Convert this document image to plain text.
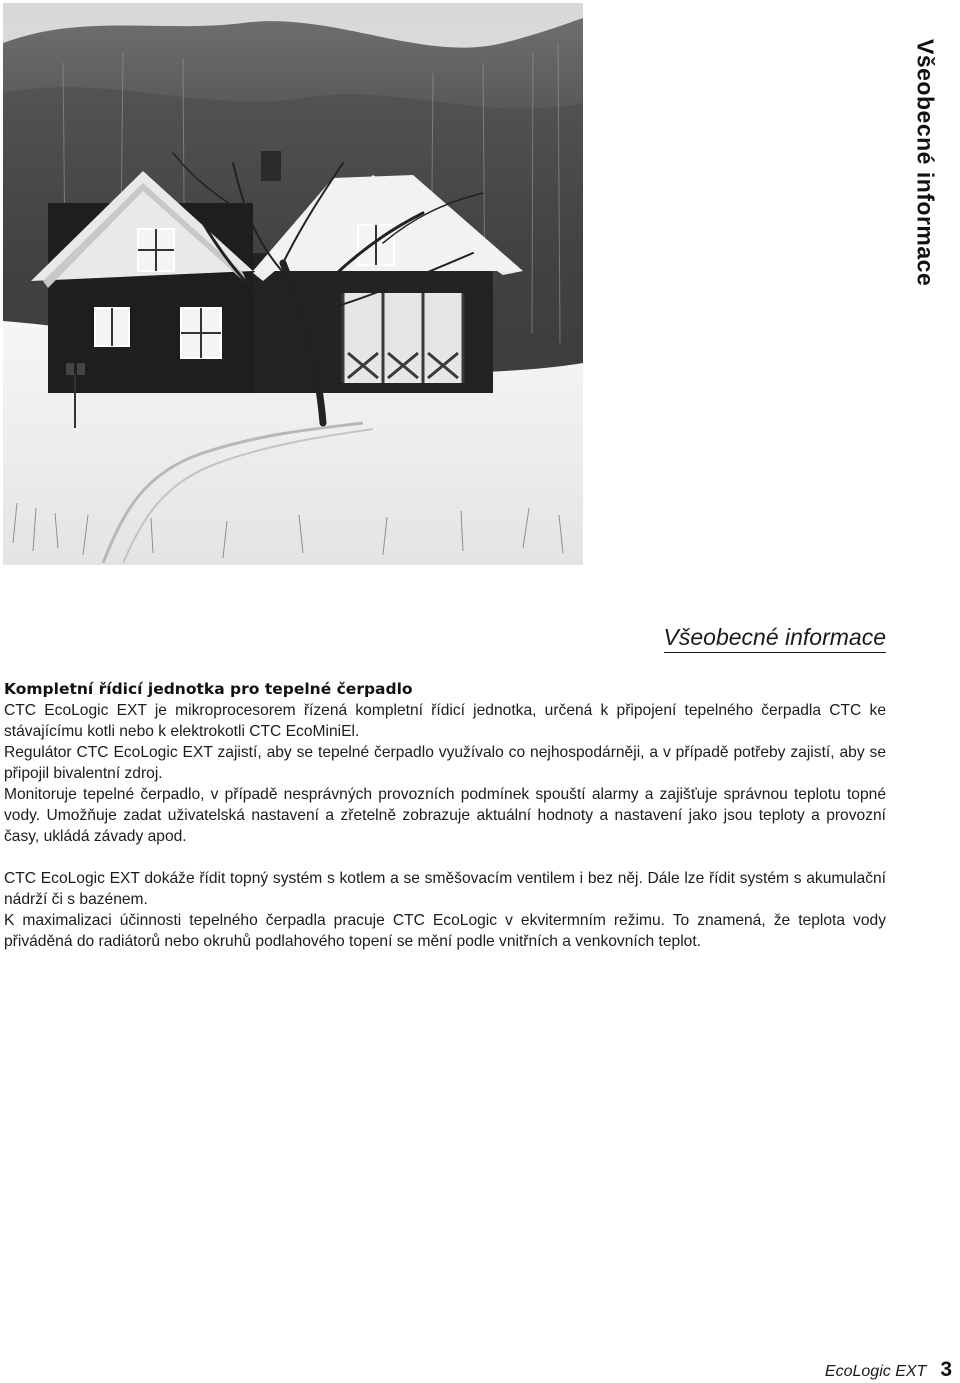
Všeobecné informace
Všeobecné informace
Kompletní řídicí jednotka pro tepelné čerpadlo

CTC EcoLogic EXT je mikroprocesorem řízená kompletní řídicí jednotka, určená k připojení tepelného čerpadla CTC ke stávajícímu kotli nebo k elektrokotli CTC EcoMiniEl.

Regulátor CTC EcoLogic EXT zajistí, aby se tepelné čerpadlo využívalo co nejhospodárněji, a v případě potřeby zajistí, aby se připojil bivalentní zdroj.

Monitoruje tepelné čerpadlo, v případě nesprávných provozních podmínek spouští alarmy a zajišťuje správnou teplotu topné vody. Umožňuje zadat uživatelská nastavení a zřetelně zobrazuje aktuální hodnoty a nastavení jako jsou teploty a provozní časy, ukládá závady apod.

CTC EcoLogic EXT dokáže řídit topný systém s kotlem a se směšovacím ventilem i bez něj. Dále lze řídit systém s akumulační nádrží či s bazénem.

K maximalizaci účinnosti tepelného čerpadla pracuje CTC EcoLogic v ekvitermním režimu. To znamená, že teplota vody přiváděná do radiátorů nebo okruhů podlahového topení se mění podle vnitřních a venkovních teplot.

EcoLogic EXT 3
